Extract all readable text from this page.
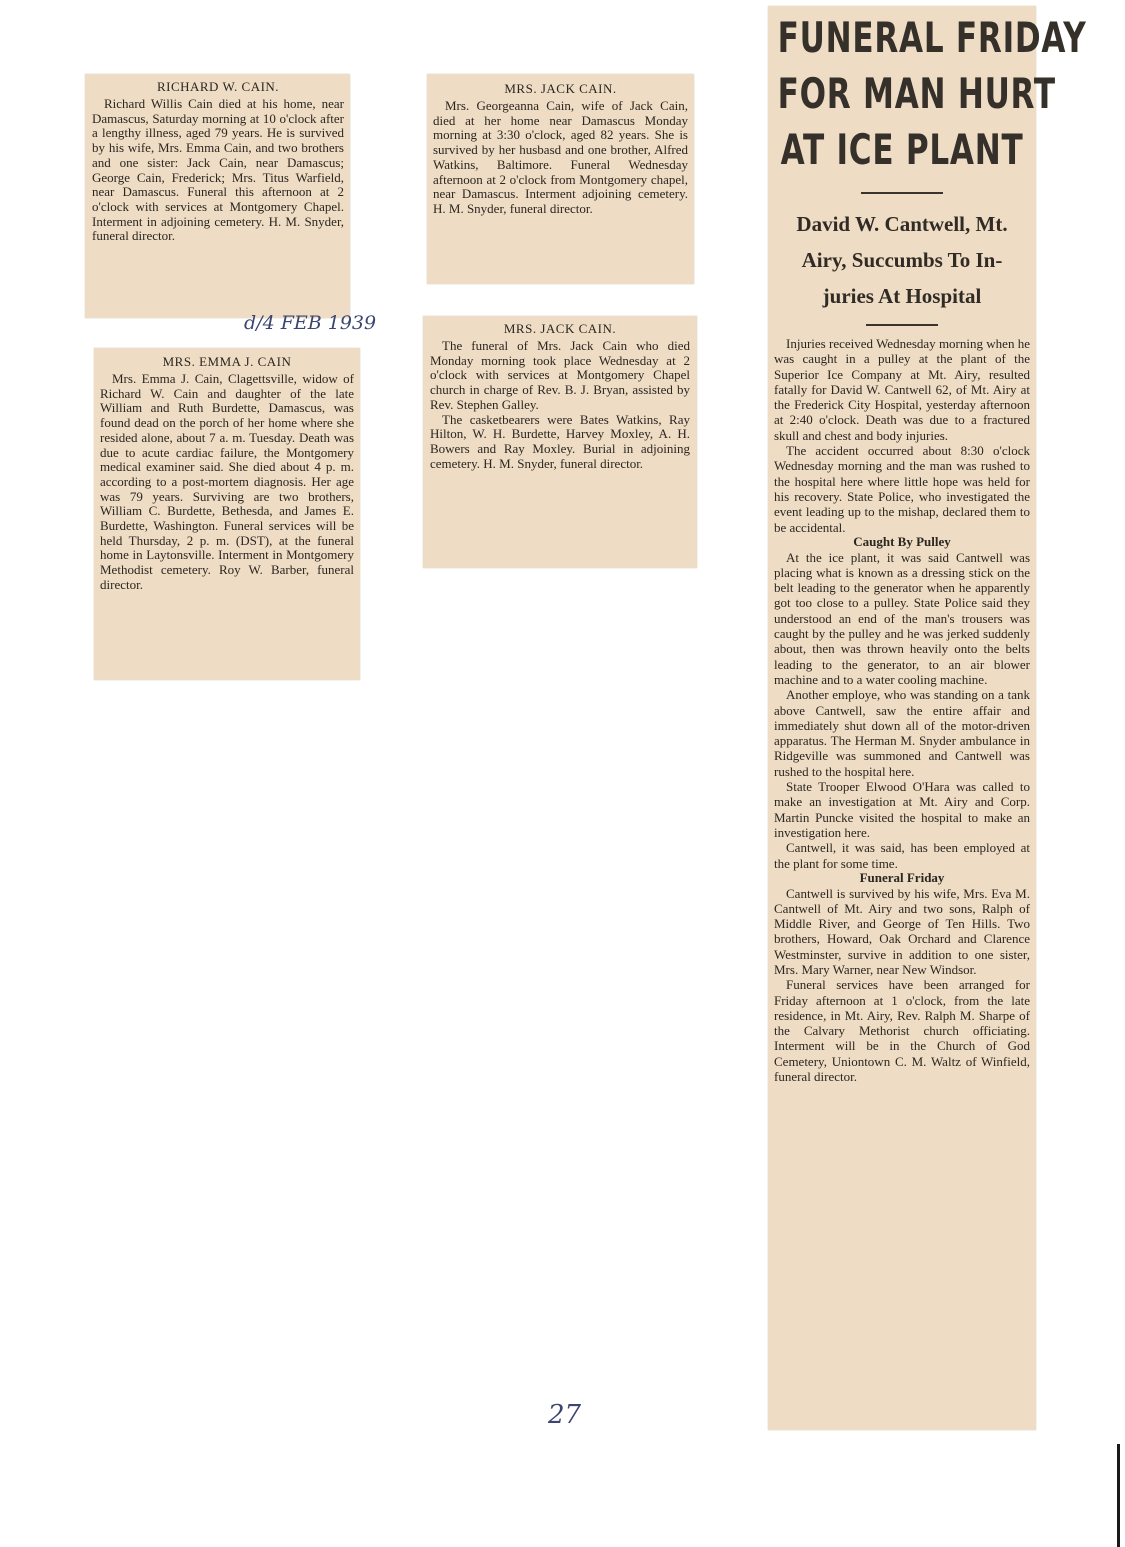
RICHARD W. CAIN.

Richard Willis Cain died at his home, near Damascus, Saturday morning at 10 o'clock after a lengthy illness, aged 79 years. He is survived by his wife, Mrs. Emma Cain, and two brothers and one sister: Jack Cain, near Damascus; George Cain, Frederick; Mrs. Titus Warfield, near Damascus. Funeral this afternoon at 2 o'clock with services at Montgomery Chapel. Interment in adjoining cemetery. H. M. Snyder, funeral director.

d/4 FEB 1939
MRS. EMMA J. CAIN

Mrs. Emma J. Cain, Clagettsville, widow of Richard W. Cain and daughter of the late William and Ruth Burdette, Damascus, was found dead on the porch of her home where she resided alone, about 7 a. m. Tuesday. Death was due to acute cardiac failure, the Montgomery medical examiner said. She died about 4 p. m. according to a post-mortem diagnosis. Her age was 79 years. Surviving are two brothers, William C. Burdette, Bethesda, and James E. Burdette, Washington. Funeral services will be held Thursday, 2 p. m. (DST), at the funeral home in Laytonsville. Interment in Montgomery Methodist cemetery. Roy W. Barber, funeral director.

MRS. JACK CAIN.

Mrs. Georgeanna Cain, wife of Jack Cain, died at her home near Damascus Monday morning at 3:30 o'clock, aged 82 years. She is survived by her husbasd and one brother, Alfred Watkins, Baltimore. Funeral Wednesday afternoon at 2 o'clock from Montgomery chapel, near Damascus. Interment adjoining cemetery. H. M. Snyder, funeral director.

MRS. JACK CAIN.

The funeral of Mrs. Jack Cain who died Monday morning took place Wednesday at 2 o'clock with services at Montgomery Chapel church in charge of Rev. B. J. Bryan, assisted by Rev. Stephen Galley.

The casketbearers were Bates Watkins, Ray Hilton, W. H. Burdette, Harvey Moxley, A. H. Bowers and Ray Moxley. Burial in adjoining cemetery. H. M. Snyder, funeral director.

FUNERAL FRIDAY
FOR MAN HURT
AT ICE PLANT
David W. Cantwell, Mt.
Airy, Succumbs To In-
juries At Hospital

Injuries received Wednesday morning when he was caught in a pulley at the plant of the Superior Ice Company at Mt. Airy, resulted fatally for David W. Cantwell 62, of Mt. Airy at the Frederick City Hospital, yesterday afternoon at 2:40 o'clock. Death was due to a fractured skull and chest and body injuries.

The accident occurred about 8:30 o'clock Wednesday morning and the man was rushed to the hospital here where little hope was held for his recovery. State Police, who investigated the event leading up to the mishap, declared them to be accidental.

Caught By Pulley

At the ice plant, it was said Cantwell was placing what is known as a dressing stick on the belt leading to the generator when he apparently got too close to a pulley. State Police said they understood an end of the man's trousers was caught by the pulley and he was jerked suddenly about, then was thrown heavily onto the belts leading to the generator, to an air blower machine and to a water cooling machine.

Another employe, who was standing on a tank above Cantwell, saw the entire affair and immediately shut down all of the motor-driven apparatus. The Herman M. Snyder ambulance in Ridgeville was summoned and Cantwell was rushed to the hospital here.

State Trooper Elwood O'Hara was called to make an investigation at Mt. Airy and Corp. Martin Puncke visited the hospital to make an investigation here.

Cantwell, it was said, has been employed at the plant for some time.

Funeral Friday

Cantwell is survived by his wife, Mrs. Eva M. Cantwell of Mt. Airy and two sons, Ralph of Middle River, and George of Ten Hills. Two brothers, Howard, Oak Orchard and Clarence Westminster, survive in addition to one sister, Mrs. Mary Warner, near New Windsor.

Funeral services have been arranged for Friday afternoon at 1 o'clock, from the late residence, in Mt. Airy, Rev. Ralph M. Sharpe of the Calvary Methorist church officiating. Interment will be in the Church of God Cemetery, Uniontown C. M. Waltz of Winfield, funeral director.

27
